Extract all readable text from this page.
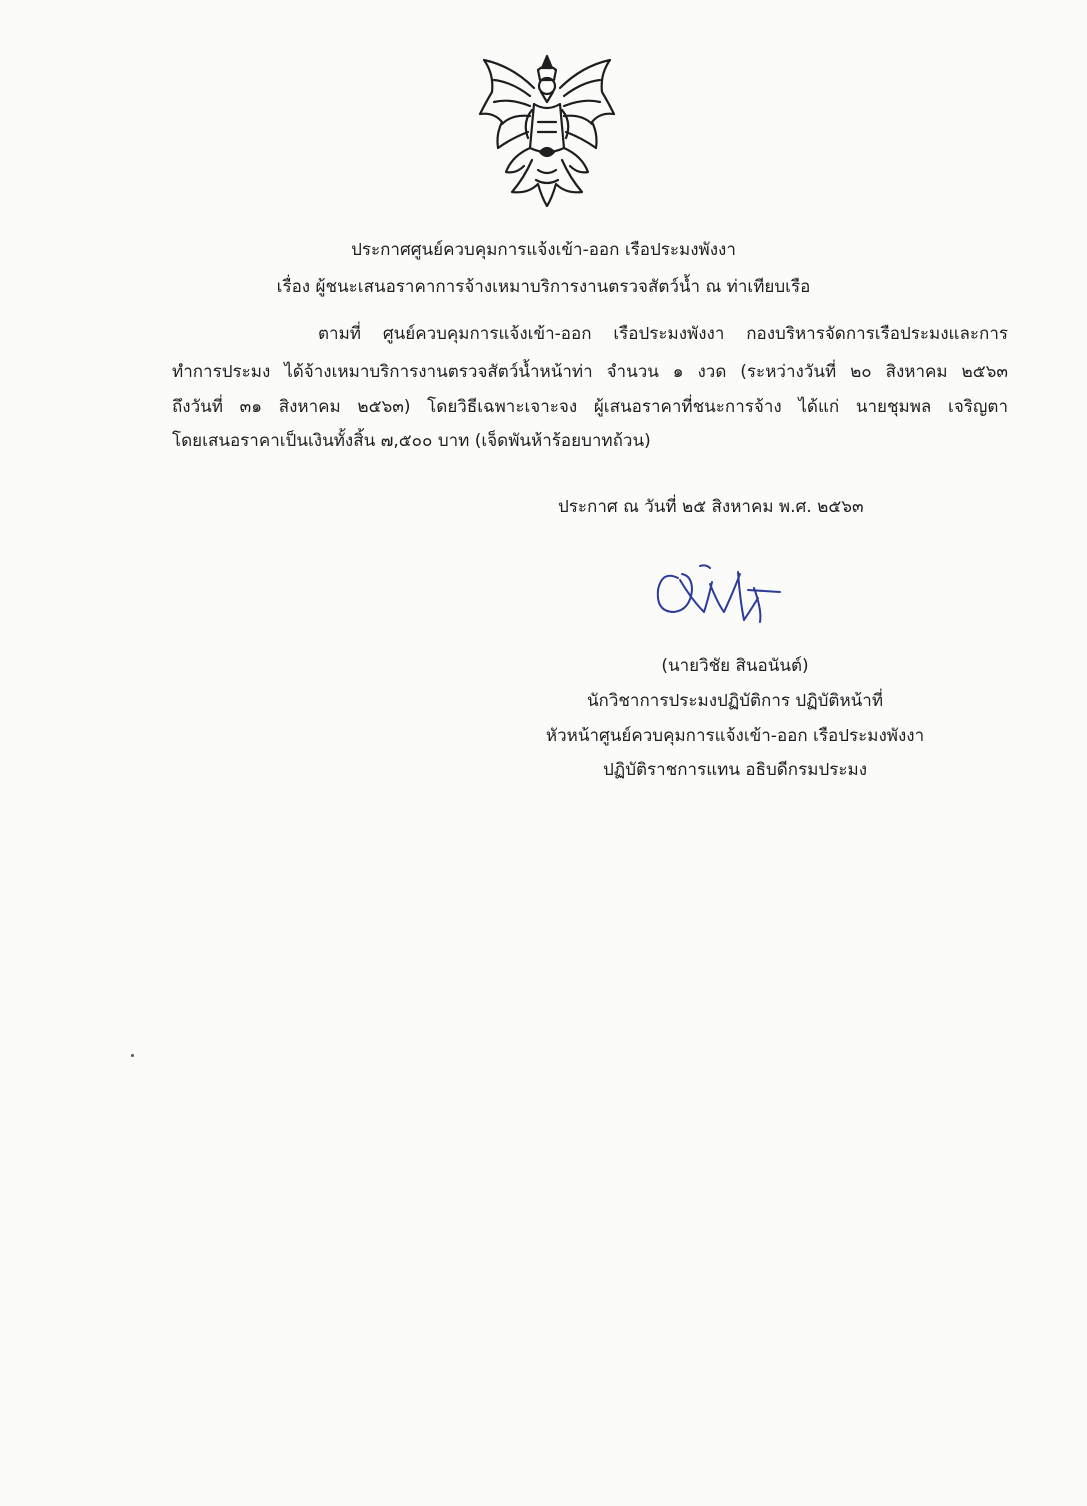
ประกาศศูนย์ควบคุมการแจ้งเข้า-ออก เรือประมงพังงา
เรื่อง ผู้ชนะเสนอราคาการจ้างเหมาบริการงานตรวจสัตว์น้ำ ณ ท่าเทียบเรือ
ตามที่ ศูนย์ควบคุมการแจ้งเข้า-ออก เรือประมงพังงา กองบริหารจัดการเรือประมงและการ
ทำการประมง ได้จ้างเหมาบริการงานตรวจสัตว์น้ำหน้าท่า จำนวน ๑ งวด (ระหว่างวันที่ ๒๐ สิงหาคม ๒๕๖๓
ถึงวันที่ ๓๑ สิงหาคม ๒๕๖๓) โดยวิธีเฉพาะเจาะจง ผู้เสนอราคาที่ชนะการจ้าง ได้แก่ นายชุมพล เจริญตา
โดยเสนอราคาเป็นเงินทั้งสิ้น ๗,๕๐๐ บาท (เจ็ดพันห้าร้อยบาทถ้วน)
ประกาศ ณ วันที่ ๒๕ สิงหาคม พ.ศ. ๒๕๖๓
(นายวิชัย สินอนันต์)
นักวิชาการประมงปฏิบัติการ ปฏิบัติหน้าที่
หัวหน้าศูนย์ควบคุมการแจ้งเข้า-ออก เรือประมงพังงา
ปฏิบัติราชการแทน อธิบดีกรมประมง
